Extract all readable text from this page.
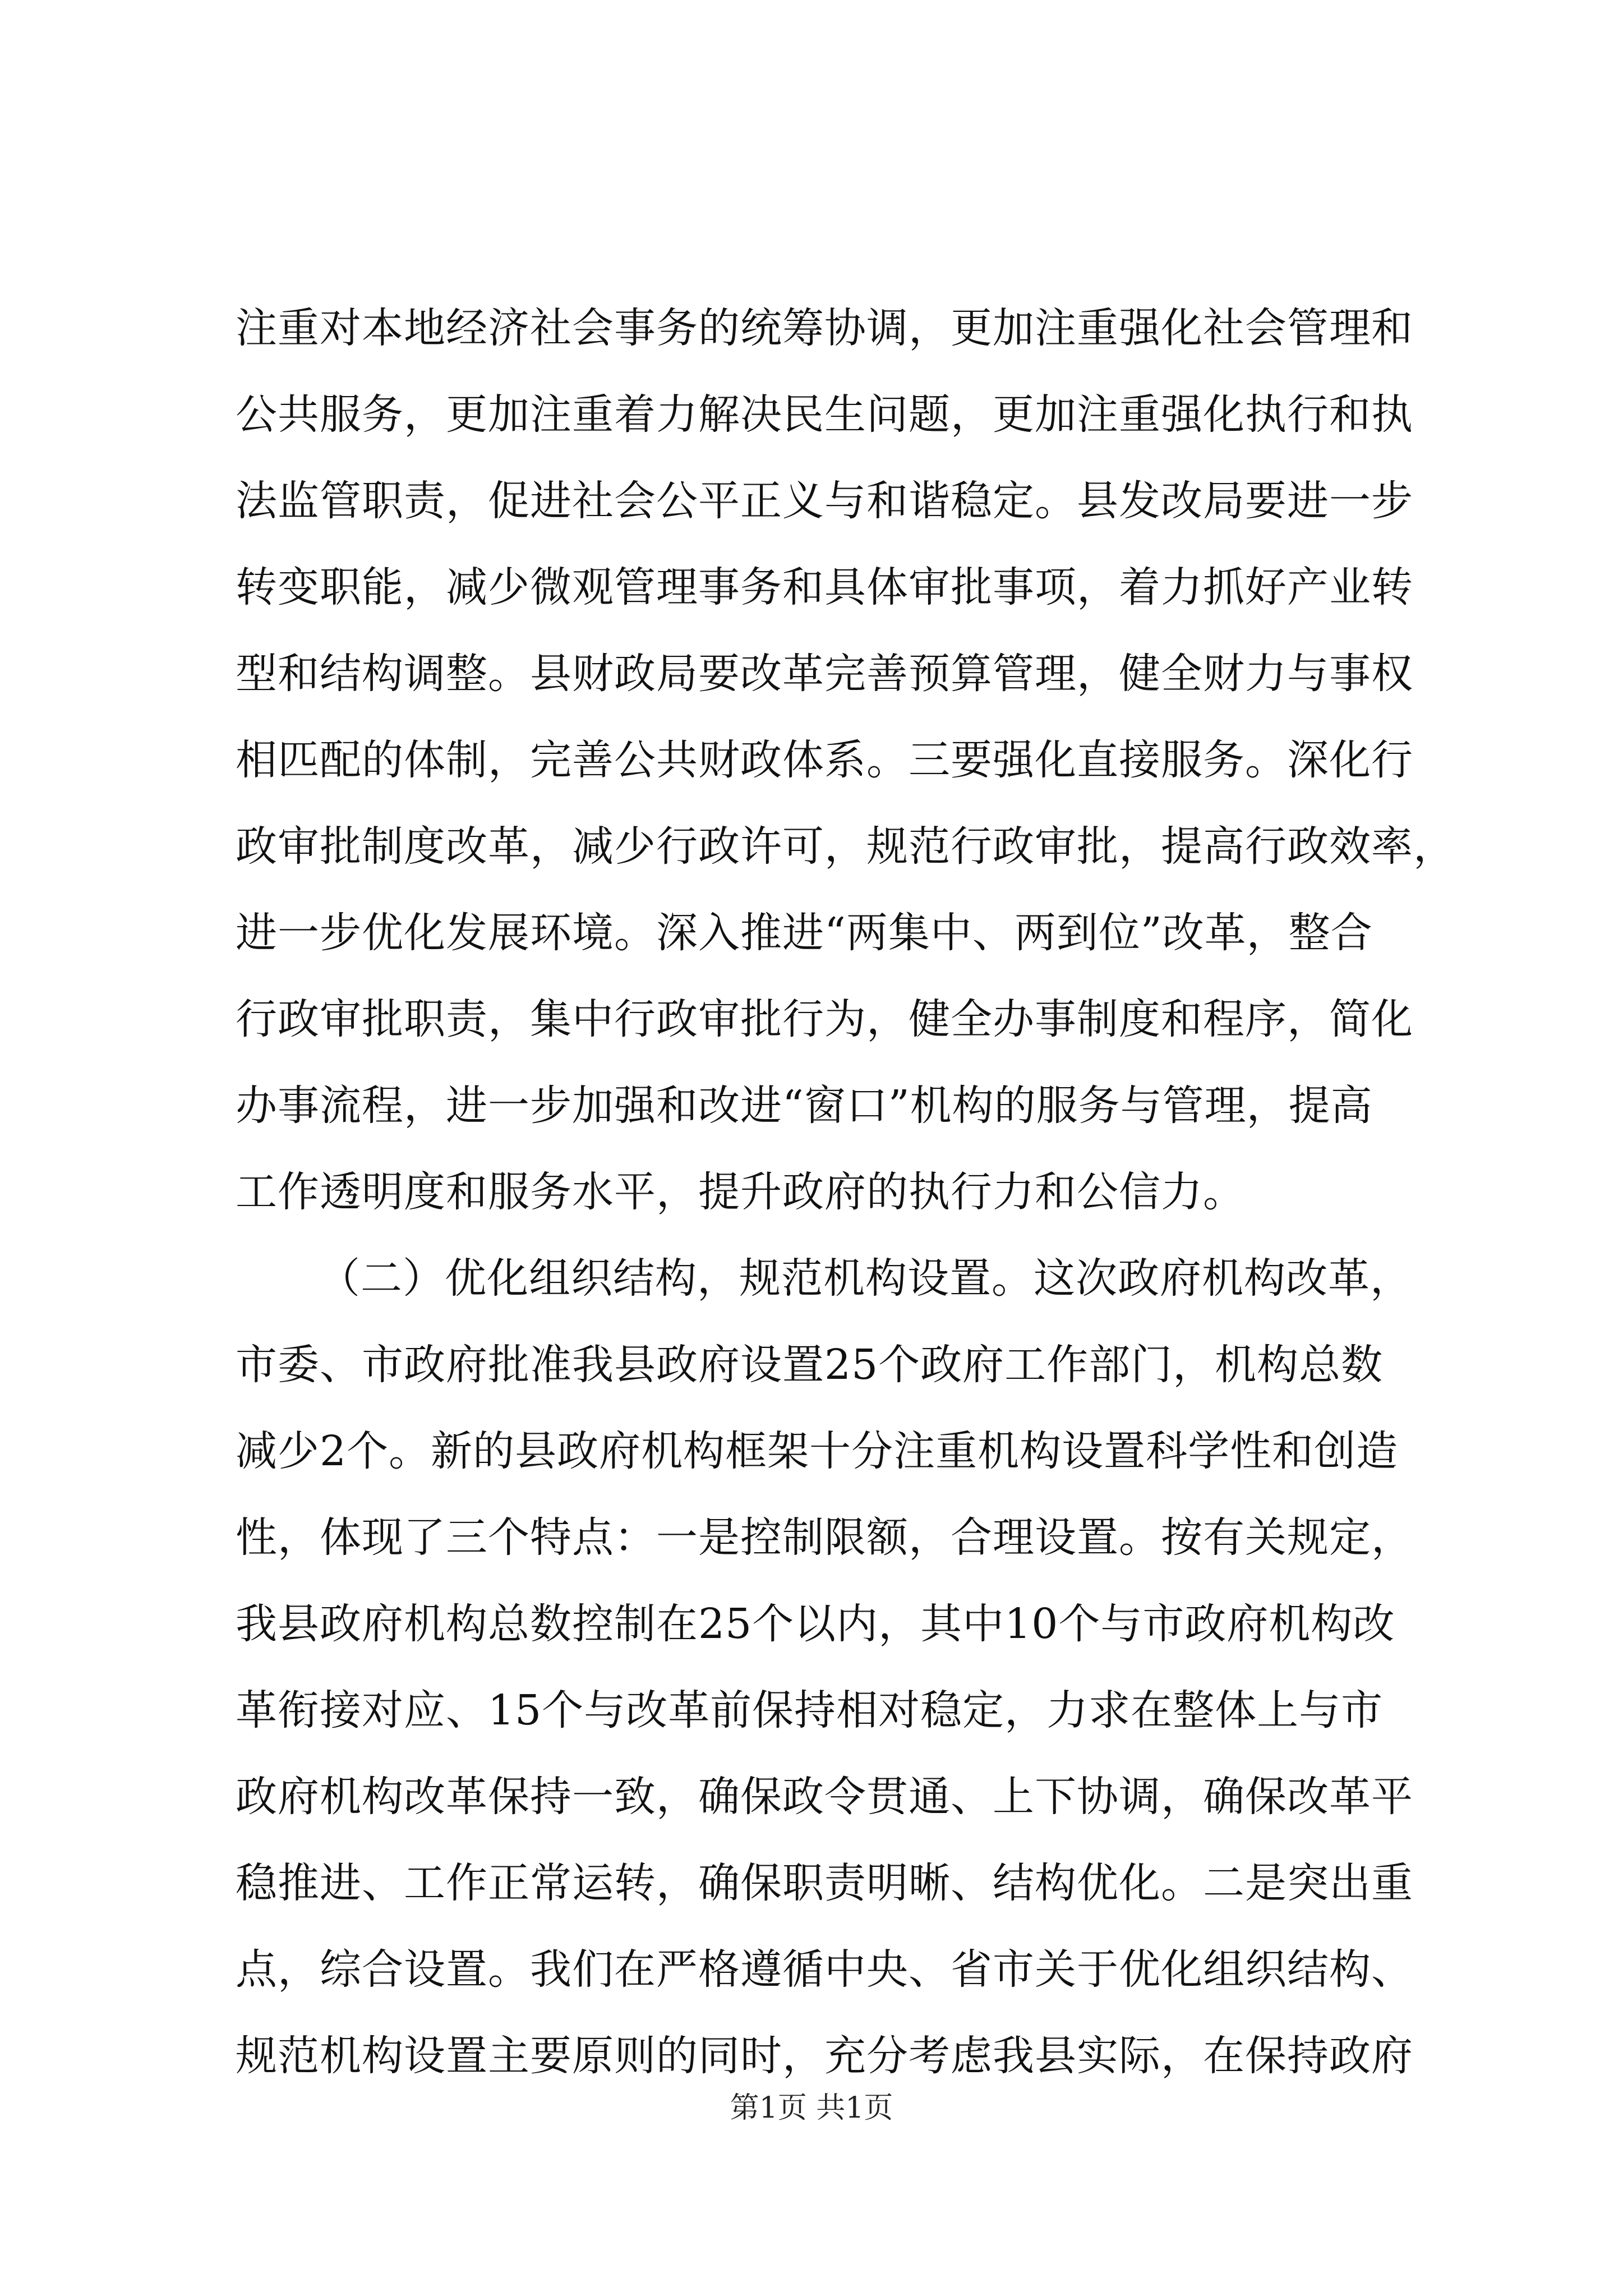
注重对本地经济社会事务的统筹协调，更加注重强化社会管理和
公共服务，更加注重着力解决民生问题，更加注重强化执行和执
法监管职责，促进社会公平正义与和谐稳定。县发改局要进一步
转变职能，减少微观管理事务和具体审批事项，着力抓好产业转
型和结构调整。县财政局要改革完善预算管理，健全财力与事权
相匹配的体制，完善公共财政体系。三要强化直接服务。深化行
政审批制度改革，减少行政许可，规范行政审批，提高行政效率，
进一步优化发展环境。深入推进“两集中、两到位”改革，整合
行政审批职责，集中行政审批行为，健全办事制度和程序，简化
办事流程，进一步加强和改进“窗口”机构的服务与管理，提高
工作透明度和服务水平，提升政府的执行力和公信力。
（二）优化组织结构，规范机构设置。这次政府机构改革，
市委、市政府批准我县政府设置25个政府工作部门，机构总数
减少2个。新的县政府机构框架十分注重机构设置科学性和创造
性，体现了三个特点：一是控制限额，合理设置。按有关规定，
我县政府机构总数控制在25个以内，其中10个与市政府机构改
革衔接对应、15个与改革前保持相对稳定，力求在整体上与市
政府机构改革保持一致，确保政令贯通、上下协调，确保改革平
稳推进、工作正常运转，确保职责明晰、结构优化。二是突出重
点，综合设置。我们在严格遵循中央、省市关于优化组织结构、
规范机构设置主要原则的同时，充分考虑我县实际，在保持政府
第1页 共1页
